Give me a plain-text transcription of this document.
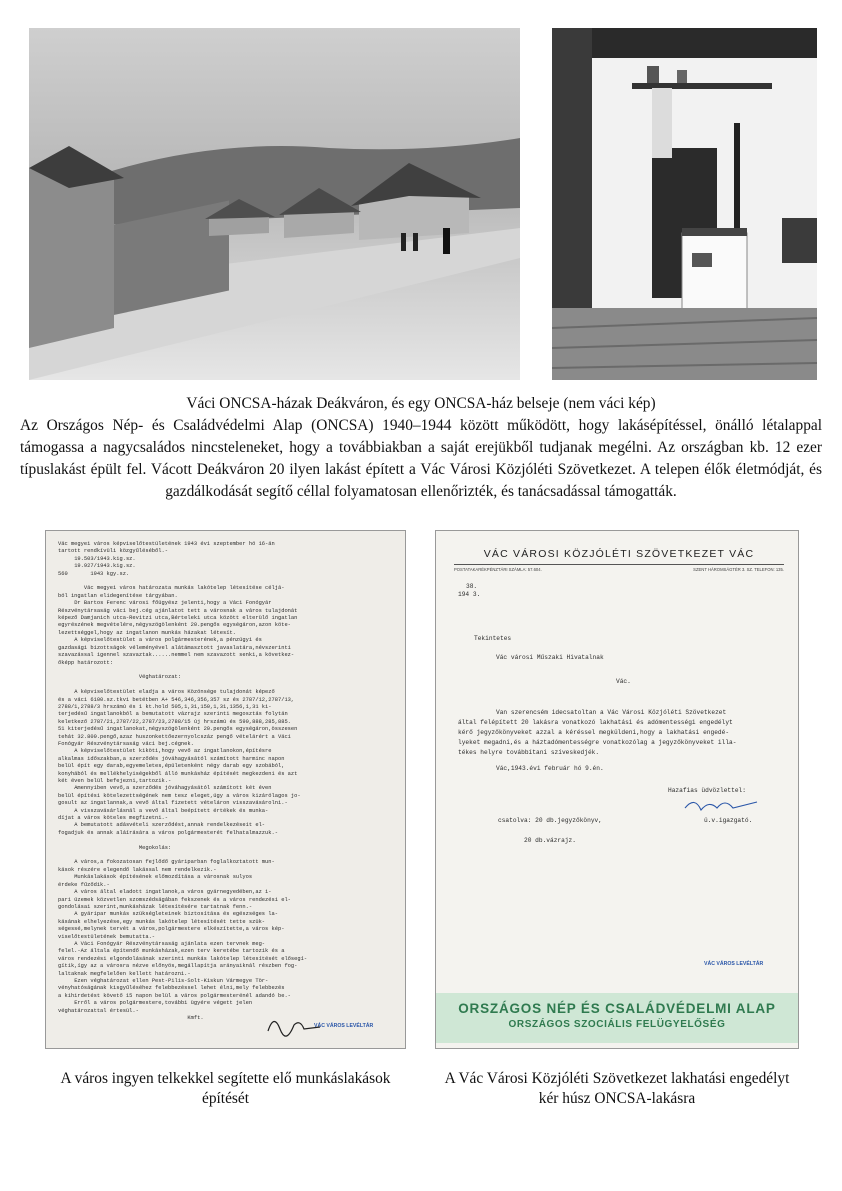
Váci ONCSA-házak Deákváron, és egy ONCSA-ház belseje (nem váci kép)

Az Országos Nép- és Családvédelmi Alap (ONCSA) 1940–1944 között működött, hogy lakásépítéssel, önálló létalappal támogassa a nagycsaládos nincsteleneket, hogy a továbbiakban a saját erejükből tudjanak megélni. Az országban kb. 12 ezer típuslakást épült fel. Vácott Deákváron 20 ilyen lakást épített a Vác Városi Közjóléti Szövetkezet. A telepen élők életmódját, és gazdálkodását segítő céllal folyamatosan ellenőrizték, és tanácsadással támogatták.

Vác megyei város képviselőtestületének 1943 évi szeptember hó 16-án
tartott rendkívüli közgyűléséből.-
19.503/1943.kig.sz.
19.927/1943.kig.sz.
560       1943 kgy.sz.

Vác megyei város határozata munkás lakótelep létesítése céljá-
ból ingatlan elidegenítése tárgyában.
Dr Bartos Ferenc városi főügyész jelenti,hogy a Váci Fonógyár
Részvénytársaság váci bej.cég ajánlatot tett a városnak a város tulajdonát
képező Damjanich utca-Revitzi utca,Bérteleki utca között elterülő ingatlan
egyrészének megvételére,négyszögölenként 20.pengős egységáron,azon köte-
lezettséggel,hogy az ingatlanon munkás házakat létesít.
A képviselőtestület a város polgármesterének,a pénzügyi és
gazdasági bizottságok véleményével alátámasztott javaslatára,névszerinti
szavazással igennel szavaztak......nemmel nem szavazott senki,a következ-
őképp határozott:

Véghatározat:

A képviselőtestület eladja a város Közönsége tulajdonát képező
és a váci 6100.sz.tkvi betétben A+ 546,346,356,357 sz és 2787/12,2787/13,
2788/1,2788/3 hrszámú és 1 kt.hold 505,1,31,150,1,31,1356,1,31 ki-
terjedésű ingatlanokból a bemutatott vázrajz szerinti megosztás folytán
keletkező 2787/21,2787/22,2787/23,2788/15 új hrszámú és 590,888,285,885.
51 kiterjedésű ingatlanokat,négyszögölenként 20.pengős egységáron,összesen
tehát 32.800.pengő,azaz huszonkettőezernyolcszáz pengő vételárért a Váci
Fonógyár Részvénytársaság váci bej.cégnek.
A képviselőtestület kiköti,hogy vevő az ingatlanokon,építésre
alkalmas időszakban,a szerződés jóváhagyásától számított harminc napon
belül épít egy darab,egyemeletes,épületenként négy darab egy szobából,
konyhából és mellékhelyiségekből álló munkásház építését megkezdeni és azt
két éven belül befejezni,tartozik.-
Amennyiben vevő,a szerződés jóváhagyásától számított két éven
belül építési kötelezettségének nem tesz eleget,úgy a város kizárólagos jo-
gosult az ingatlannak,a vevő által fizetett vételáron visszavásárolni.-
A visszavásárlásnál a vevő által beépített értékek és munka-
díjat a város köteles megfizetni.-
A bemutatott adásvételi szerződést,annak rendelkezéseit el-
fogadjuk és annak aláírására a város polgármesterét felhatalmazzuk.-

Megokolás:

A város,a fokozatosan fejlődő gyáriparban foglalkoztatott mun-
kások részére elegendő lakással nem rendelkezik.-
Munkáslakások építésének előmozdítása a városnak sulyos
érdeke fűződik.-
A város által eladott ingatlanok,a város gyárnegyedében,az i-
pari üzemek közvetlen szomszédságában fekszenek és a város rendezési el-
gondolásai szerint,munkásházak létesítésére tartatnak fenn.-
A gyáripar munkás szükségleteinek biztosítása és egészséges la-
kásának elhelyezése,egy munkás lakótelep létesítését tette szük-
ségessé,melynek tervét a város,polgármestere elkészítette,a város kép-
viselőtestületének bemutatta.-
A Váci Fonógyár Részvénytársaság ajánlata ezen tervnek meg-
felel.-Az általa építendő munkásházak,ezen terv keretébe tartozik és a
város rendezési elgondolásának szerinti munkás lakótelep létesítését elősegí-
gítik,így az a városra nézve előnyös,megállapítja arányaiknál részben fog-
laltaknak megfelelően kellett határozni.-
Ezen véghatározat ellen Pest-Pilis-Solt-Kiskun Vármegye Tör-
vényhatóságának kisgyűléséhez felebbezéssel lehet élni,mely felebbezés
a kihirdetést követő 15 napon belül a város polgármesterénél adandó be.-
Erről a város polgármestere,további ügyére végett jelen
véghatározattal értesül.-
Kmft.
VÁC VÁROS LEVÉLTÁR
VÁC VÁROSI KÖZJÓLÉTI SZÖVETKEZET VÁC
POSTATAKARÉKPÉNZTÁRI SZÁMLA: 57.604.	SZENT HÁROMSÁGTÉR 3. SZ. TELEFON: 135.
38.
194 3.
Tekintetes
Vác városi Műszaki Hivatalnak
Vác.
Van szerencsém idecsatoltan a Vác Városi Közjóléti Szövetkezet
által felépített 20 lakásra vonatkozó lakhatási és adómentességi engedélyt
kérő jegyzőkönyveket azzal a kéréssel megküldeni,hogy a lakhatási engedé-
lyeket megadni,és a háztadómentességre vonatkozólag a jegyzőkönyveket illa-
tékes helyre továbbítani szíveskedjék.
Vác,1943.évi február hó 9.én.
Hazafias üdvözlettel:
ü.v.igazgató.
csatolva: 20 db.jegyzőkönyv,
20 db.vázrajz.
VÁC VÁROS LEVÉLTÁR
ORSZÁGOS NÉP ÉS CSALÁDVÉDELMI ALAP
ORSZÁGOS SZOCIÁLIS FELÜGYELŐSÉG
A város ingyen telkekkel segítette elő munkáslakások építését
A Vác Városi Közjóléti Szövetkezet lakhatási engedélyt kér húsz ONCSA-lakásra
